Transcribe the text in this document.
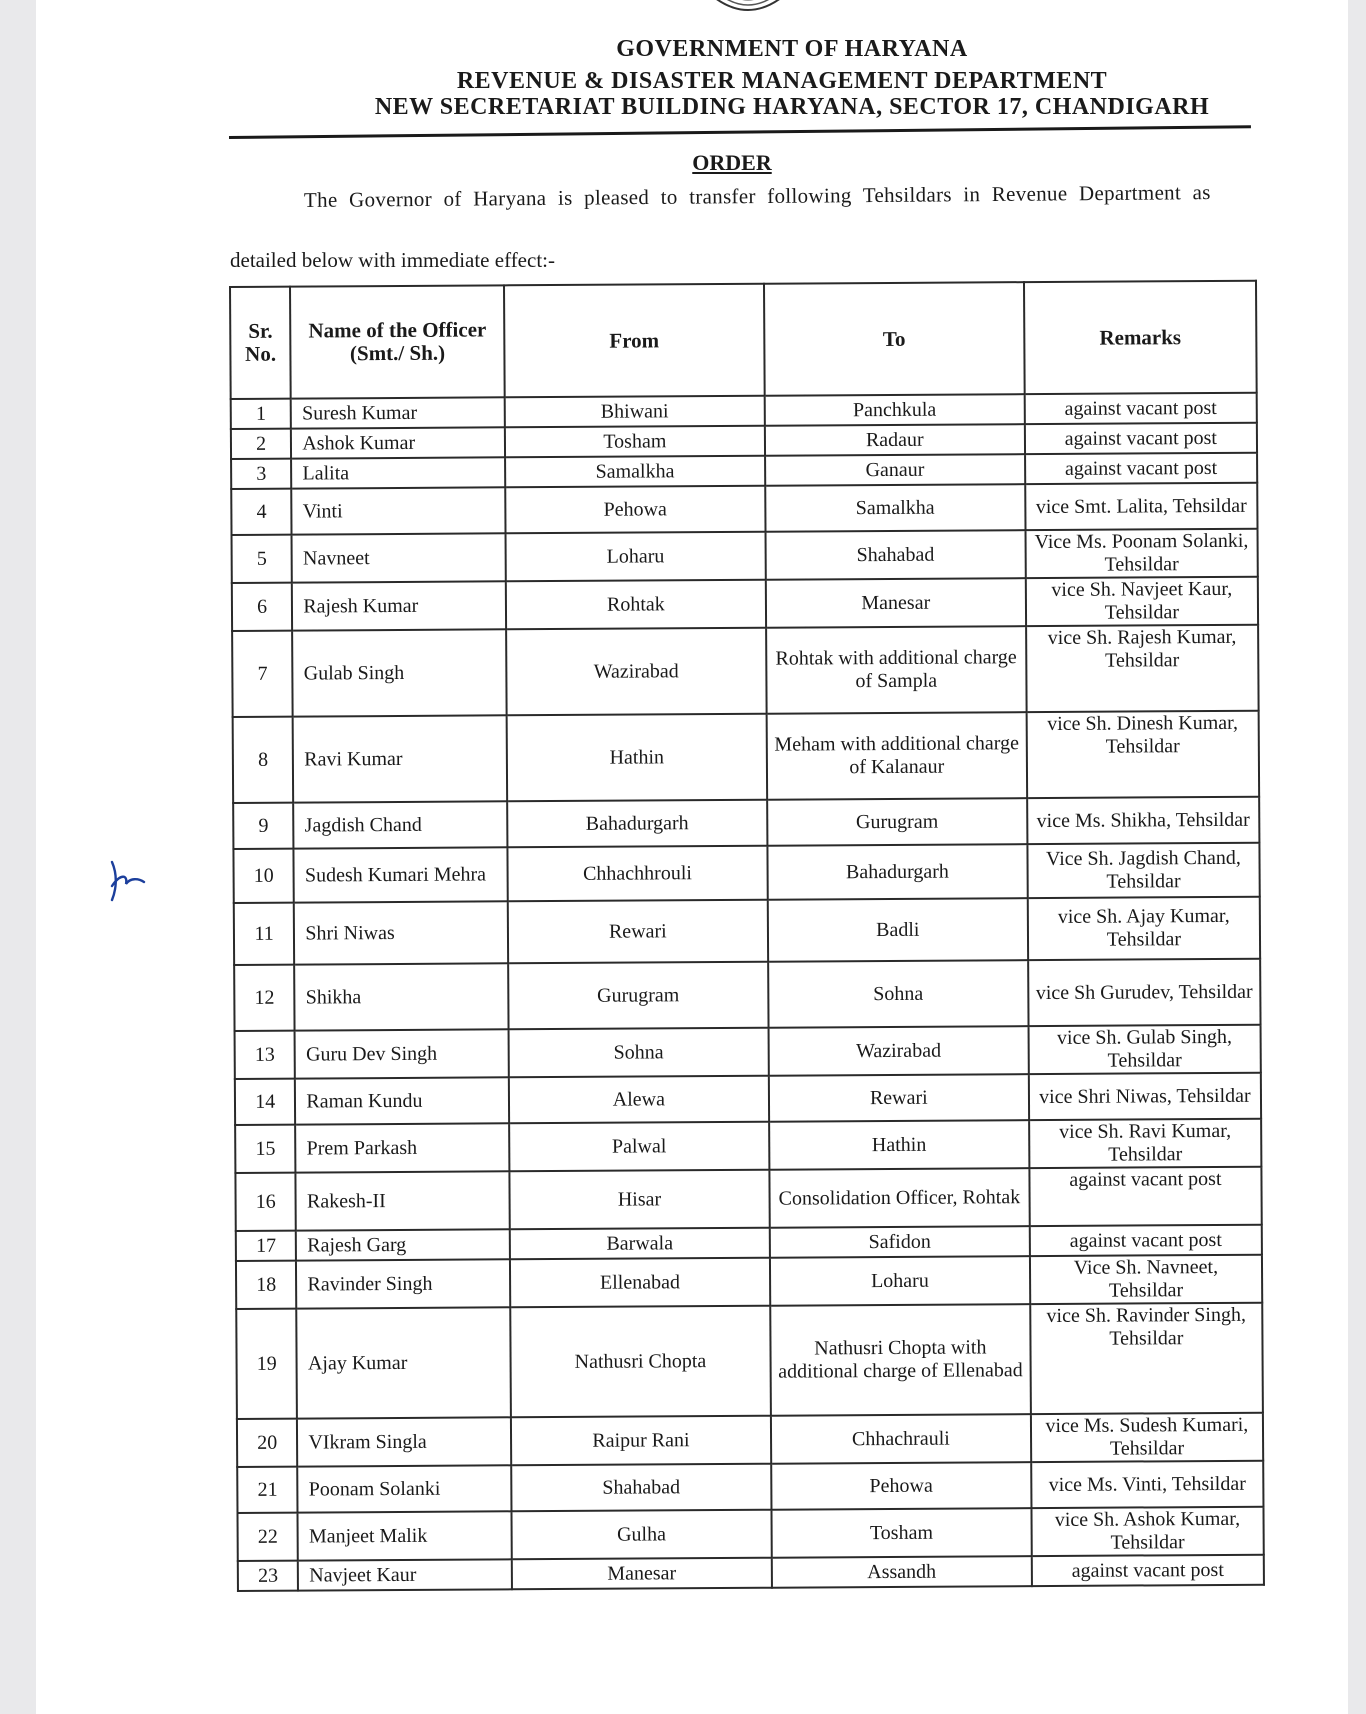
GOVERNMENT OF HARYANA
REVENUE & DISASTER MANAGEMENT DEPARTMENT
NEW SECRETARIAT BUILDING HARYANA, SECTOR 17, CHANDIGARH
ORDER
The Governor of Haryana is pleased to transfer following Tehsildars in Revenue Department as
detailed below with immediate effect:-
Sr. No.	Name of the Officer (Smt./ Sh.)	From	To	Remarks
1	Suresh Kumar	Bhiwani	Panchkula	against vacant post
2	Ashok Kumar	Tosham	Radaur	against vacant post
3	Lalita	Samalkha	Ganaur	against vacant post
4	Vinti	Pehowa	Samalkha	vice Smt. Lalita, Tehsildar
5	Navneet	Loharu	Shahabad	Vice Ms. Poonam Solanki, Tehsildar
6	Rajesh Kumar	Rohtak	Manesar	vice Sh. Navjeet Kaur, Tehsildar
7	Gulab Singh	Wazirabad	Rohtak with additional charge of Sampla	vice Sh. Rajesh Kumar, Tehsildar
8	Ravi Kumar	Hathin	Meham with additional charge of Kalanaur	vice Sh. Dinesh Kumar, Tehsildar
9	Jagdish Chand	Bahadurgarh	Gurugram	vice Ms. Shikha, Tehsildar
10	Sudesh Kumari Mehra	Chhachhrouli	Bahadurgarh	Vice Sh. Jagdish Chand, Tehsildar
11	Shri Niwas	Rewari	Badli	vice Sh. Ajay Kumar, Tehsildar
12	Shikha	Gurugram	Sohna	vice Sh Gurudev, Tehsildar
13	Guru Dev Singh	Sohna	Wazirabad	vice Sh. Gulab Singh, Tehsildar
14	Raman Kundu	Alewa	Rewari	vice Shri Niwas, Tehsildar
15	Prem Parkash	Palwal	Hathin	vice Sh. Ravi Kumar, Tehsildar
16	Rakesh-II	Hisar	Consolidation Officer, Rohtak	against vacant post
17	Rajesh Garg	Barwala	Safidon	against vacant post
18	Ravinder Singh	Ellenabad	Loharu	Vice Sh. Navneet, Tehsildar
19	Ajay Kumar	Nathusri Chopta	Nathusri Chopta with additional charge of Ellenabad	vice Sh. Ravinder Singh, Tehsildar
20	VIkram Singla	Raipur Rani	Chhachrauli	vice Ms. Sudesh Kumari, Tehsildar
21	Poonam Solanki	Shahabad	Pehowa	vice Ms. Vinti, Tehsildar
22	Manjeet Malik	Gulha	Tosham	vice Sh. Ashok Kumar, Tehsildar
23	Navjeet Kaur	Manesar	Assandh	against vacant post
